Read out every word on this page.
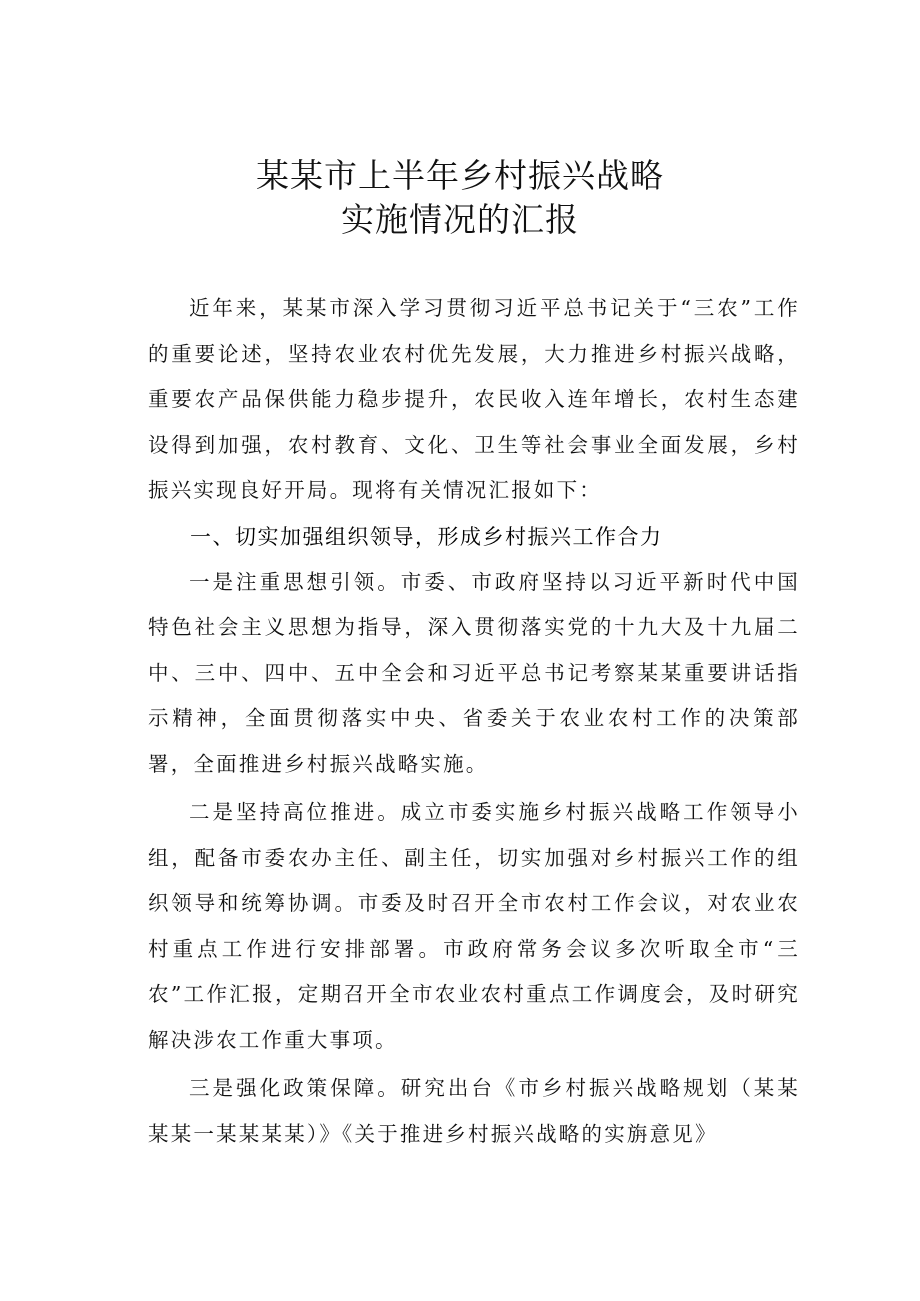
某某市上半年乡村振兴战略
实施情况的汇报

近年来，某某市深入学习贯彻习近平总书记关于“三农”工作的重要论述，坚持农业农村优先发展，大力推进乡村振兴战略，重要农产品保供能力稳步提升，农民收入连年增长，农村生态建设得到加强，农村教育、文化、卫生等社会事业全面发展，乡村振兴实现良好开局。现将有关情况汇报如下：

一、切实加强组织领导，形成乡村振兴工作合力

一是注重思想引领。市委、市政府坚持以习近平新时代中国特色社会主义思想为指导，深入贯彻落实党的十九大及十九届二中、三中、四中、五中全会和习近平总书记考察某某重要讲话指示精神，全面贯彻落实中央、省委关于农业农村工作的决策部署，全面推进乡村振兴战略实施。

二是坚持高位推进。成立市委实施乡村振兴战略工作领导小组，配备市委农办主任、副主任，切实加强对乡村振兴工作的组织领导和统筹协调。市委及时召开全市农村工作会议，对农业农村重点工作进行安排部署。市政府常务会议多次听取全市“三农”工作汇报，定期召开全市农业农村重点工作调度会，及时研究解决涉农工作重大事项。

三是强化政策保障。研究出台《市乡村振兴战略规划（某某某某一某某某某）》《关于推进乡村振兴战略的实旃意见》
